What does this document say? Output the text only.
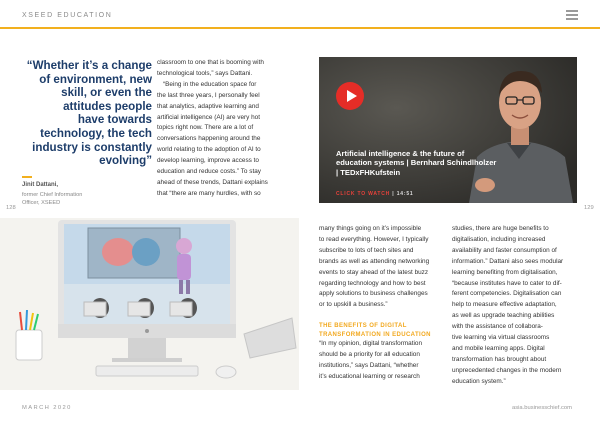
XSEED EDUCATION
“Whether it’s a change
of environment, new
skill, or even the
attitudes people
have towards
technology, the tech
industry is constantly
evolving”
Jinit Dattani,
former Chief Information
Officer, XSEED

classroom to one that is booming with
technological tools,” says Dattani.

“Being in the education space for
the last three years, I personally feel
that analytics, adaptive learning and
artificial intelligence (AI) are very hot
topics right now. There are a lot of
conversations happening around the
world relating to the adoption of AI to
develop learning, improve access to
education and reduce costs.” To stay
ahead of these trends, Dattani explains
that “there are many hurdles, with so

128	129
Artificial intelligence & the future of
education systems | Bernhard Schindlholzer
| TEDxFHKufstein
CLICK TO WATCH | 14:51

many things going on it’s impossible
to read everything. However, I typically
subscribe to lots of tech sites and
brands as well as attending networking
events to stay ahead of the latest buzz
regarding technology and how to best
apply solutions to business challenges
or to upskill a business.”

THE BENEFITS OF DIGITAL
TRANSFORMATION IN EDUCATION

“In my opinion, digital transformation
should be a priority for all education
institutions,” says Dattani, “whether
it’s educational learning or research

studies, there are huge benefits to
digitalisation, including increased
availability and faster consumption of
information.” Dattani also sees modular
learning benefiting from digitalisation,
“because institutes have to cater to dif-
ferent competencies. Digitalisation can
help to measure effective adaptation,
as well as upgrade teaching abilities
with the assistance of collabora-
tive learning via virtual classrooms
and mobile learning apps. Digital
transformation has brought about
unprecedented changes in the modern
education system.”

MARCH 2020	asia.businesschief.com
